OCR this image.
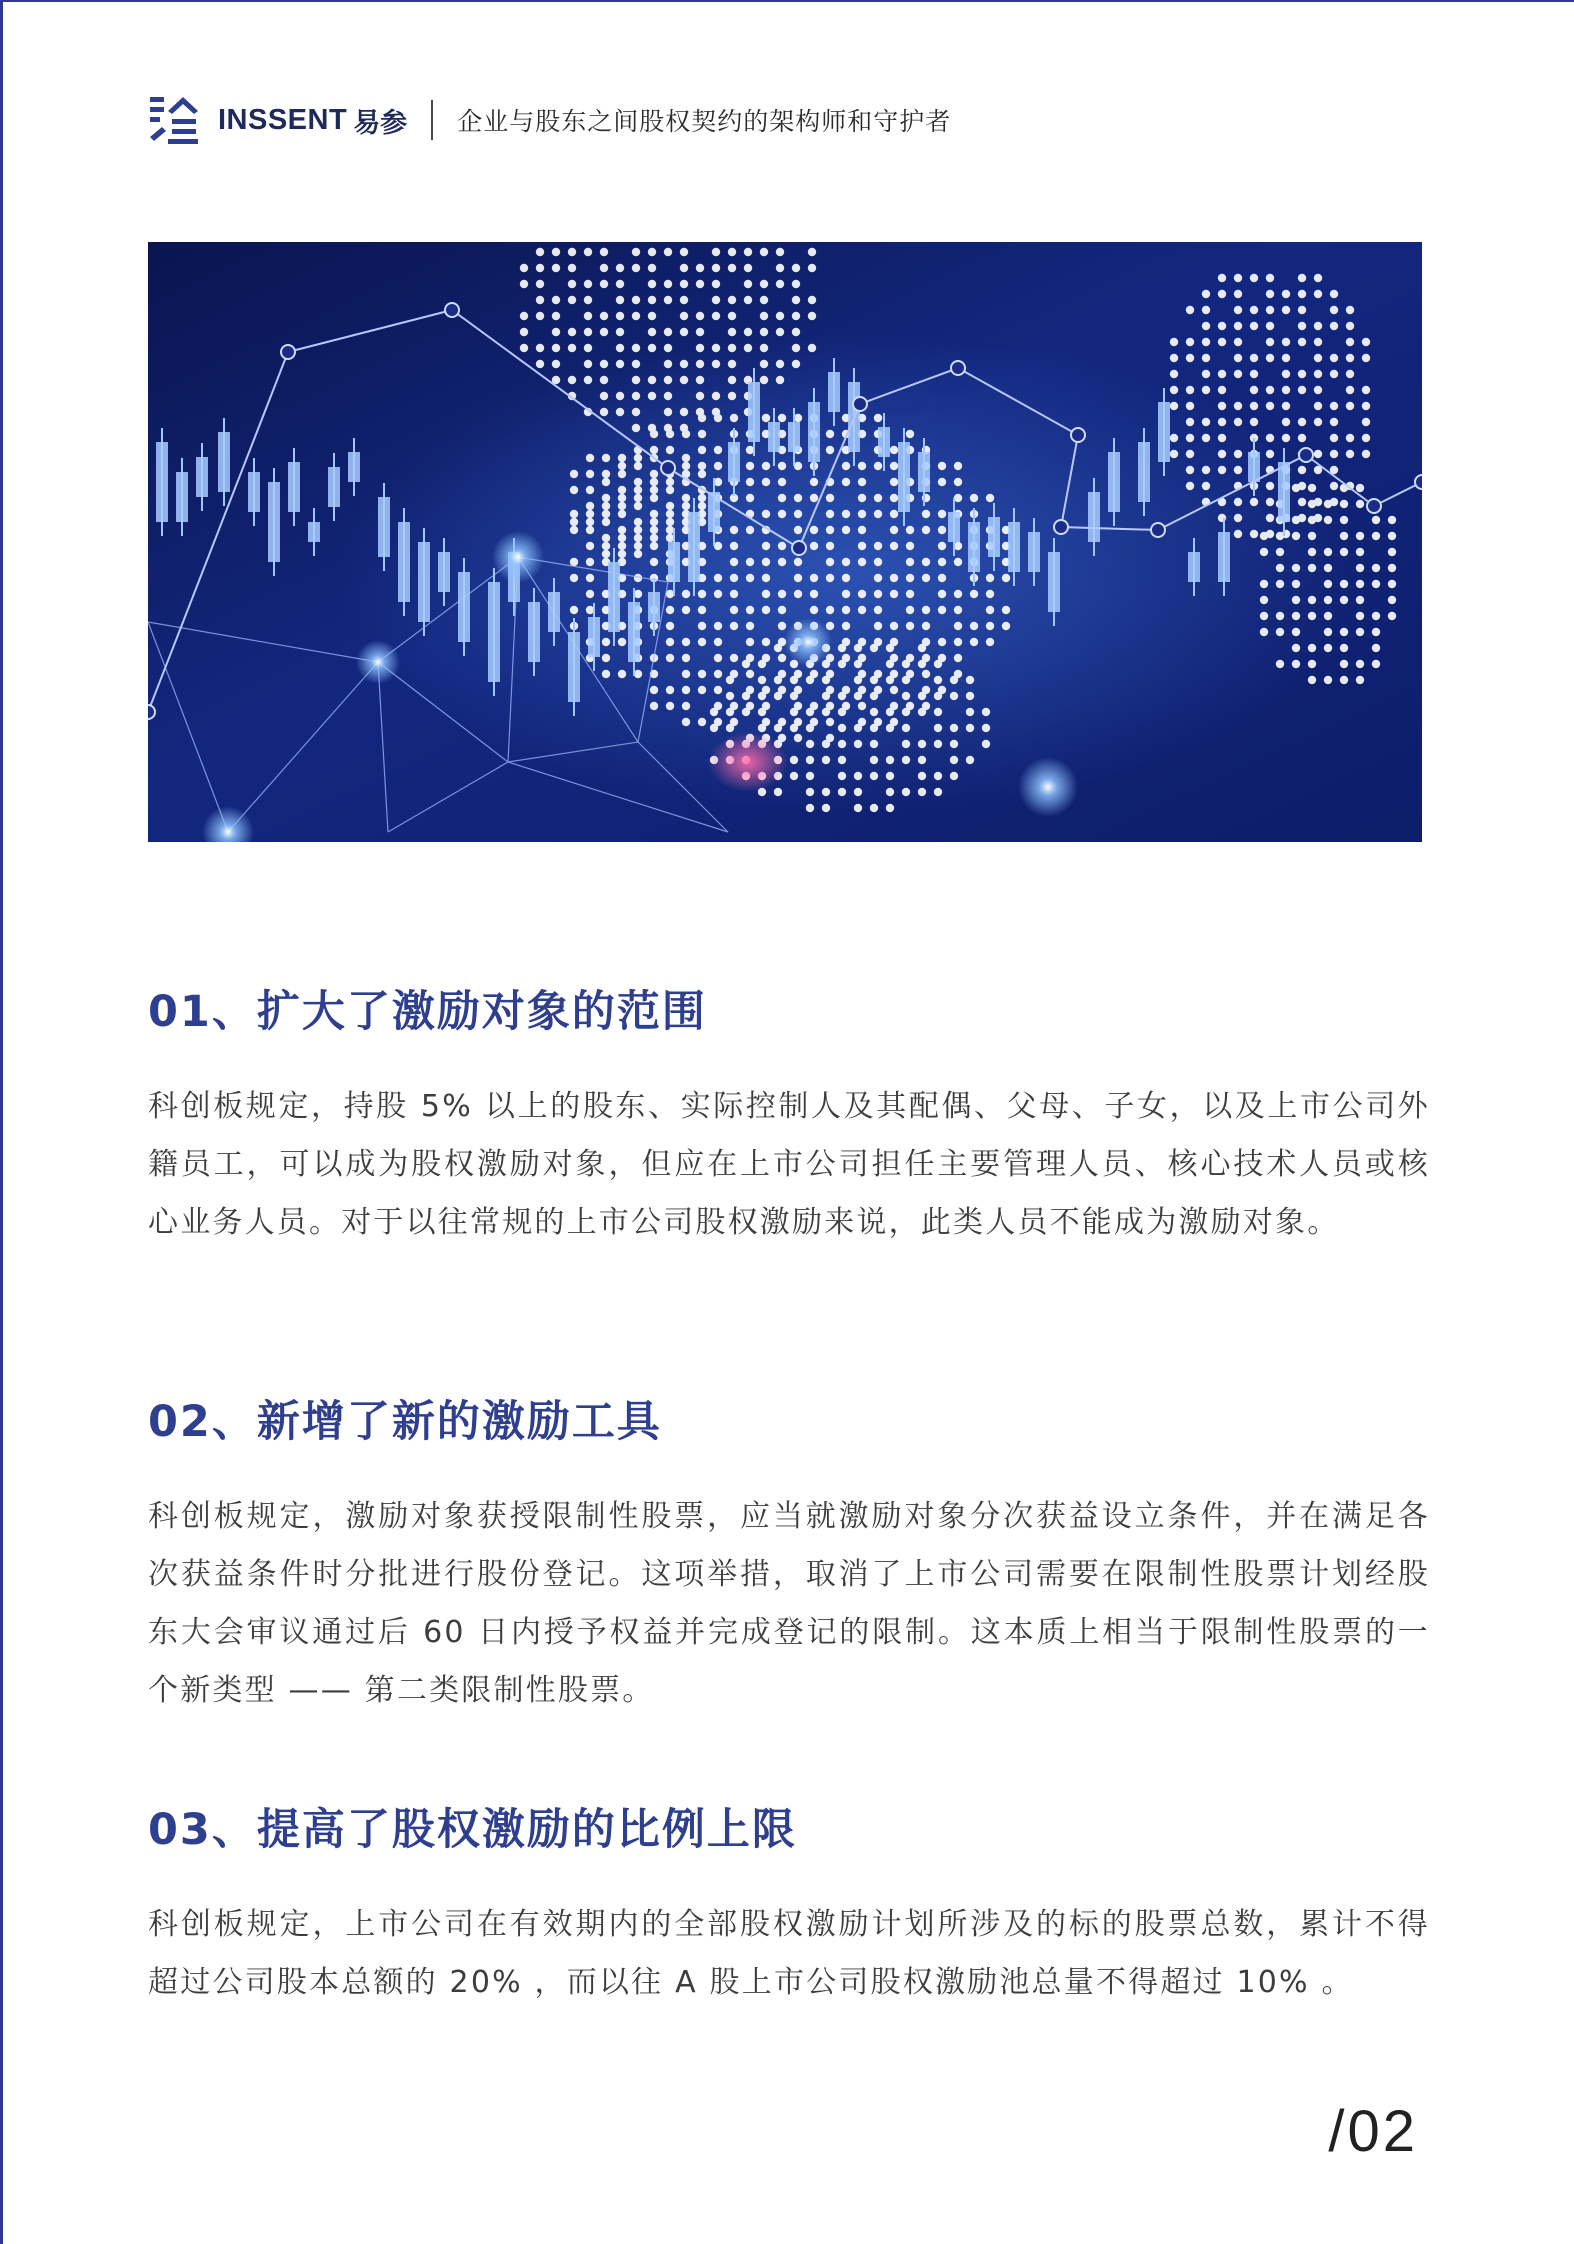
INSSENT 易参 企业与股东之间股权契约的架构师和守护者
01、扩大了激励对象的范围

科创板规定，持股 5% 以上的股东、实际控制人及其配偶、父母、子女，以及上市公司外籍员工，可以成为股权激励对象，但应在上市公司担任主要管理人员、核心技术人员或核心业务人员。对于以往常规的上市公司股权激励来说，此类人员不能成为激励对象。

02、新增了新的激励工具

科创板规定，激励对象获授限制性股票，应当就激励对象分次获益设立条件，并在满足各次获益条件时分批进行股份登记。这项举措，取消了上市公司需要在限制性股票计划经股东大会审议通过后 60 日内授予权益并完成登记的限制。这本质上相当于限制性股票的一个新类型 —— 第二类限制性股票。

03、提高了股权激励的比例上限

科创板规定，上市公司在有效期内的全部股权激励计划所涉及的标的股票总数，累计不得超过公司股本总额的 20% ，而以往 A 股上市公司股权激励池总量不得超过 10% 。

/02
